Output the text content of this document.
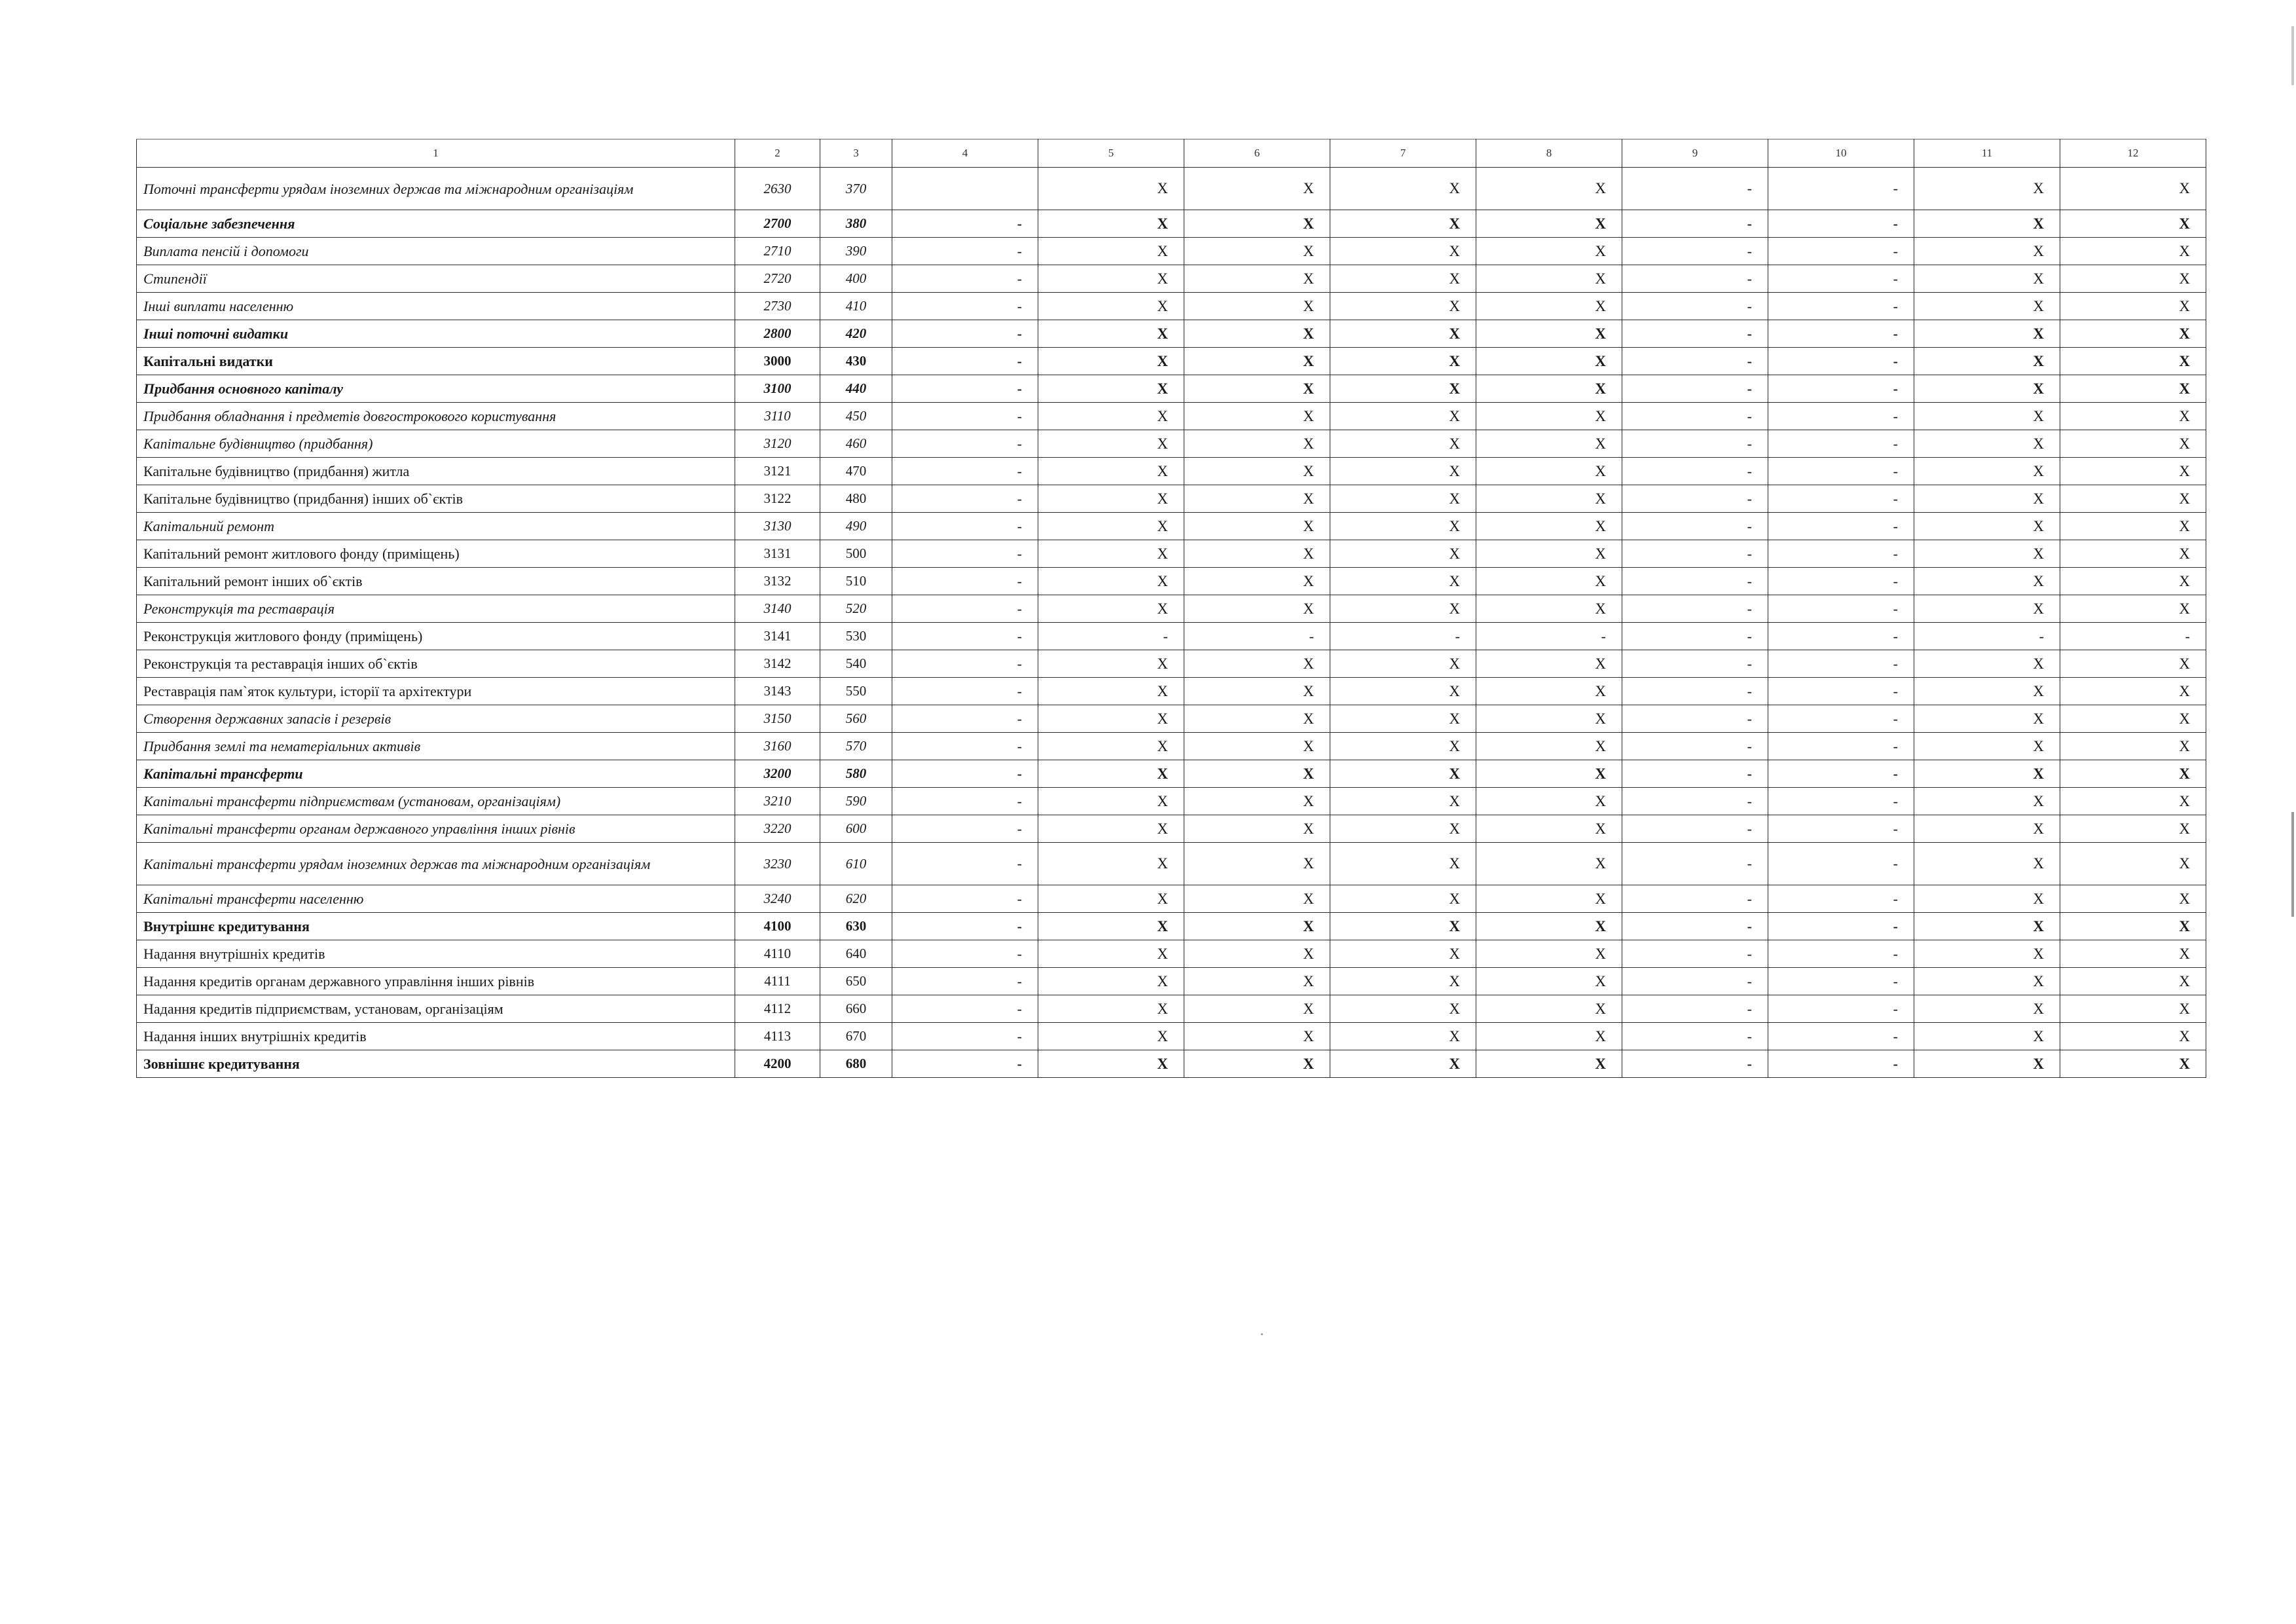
1	2	3	4	5	6	7	8	9	10	11	12
Поточні трансферти урядам іноземних держав та міжнародним організаціям	2630	370		X	X	X	X	-	-	X	X
Соціальне забезпечення	2700	380	-	X	X	X	X	-	-	X	X
Виплата пенсій і допомоги	2710	390	-	X	X	X	X	-	-	X	X
Стипендії	2720	400	-	X	X	X	X	-	-	X	X
Інші виплати населенню	2730	410	-	X	X	X	X	-	-	X	X
Інші поточні видатки	2800	420	-	X	X	X	X	-	-	X	X
Капітальні видатки	3000	430	-	X	X	X	X	-	-	X	X
Придбання основного капіталу	3100	440	-	X	X	X	X	-	-	X	X
Придбання обладнання і предметів довгострокового користування	3110	450	-	X	X	X	X	-	-	X	X
Капітальне будівництво (придбання)	3120	460	-	X	X	X	X	-	-	X	X
Капітальне будівництво (придбання) житла	3121	470	-	X	X	X	X	-	-	X	X
Капітальне будівництво (придбання) інших об`єктів	3122	480	-	X	X	X	X	-	-	X	X
Капітальний ремонт	3130	490	-	X	X	X	X	-	-	X	X
Капітальний ремонт житлового фонду (приміщень)	3131	500	-	X	X	X	X	-	-	X	X
Капітальний ремонт інших об`єктів	3132	510	-	X	X	X	X	-	-	X	X
Реконструкція та реставрація	3140	520	-	X	X	X	X	-	-	X	X
Реконструкція житлового фонду (приміщень)	3141	530	-	-	-	-	-	-	-	-	-
Реконструкція та реставрація інших об`єктів	3142	540	-	X	X	X	X	-	-	X	X
Реставрація пам`яток культури, історії та архітектури	3143	550	-	X	X	X	X	-	-	X	X
Створення державних запасів і резервів	3150	560	-	X	X	X	X	-	-	X	X
Придбання землі та нематеріальних активів	3160	570	-	X	X	X	X	-	-	X	X
Капітальні трансферти	3200	580	-	X	X	X	X	-	-	X	X
Капітальні трансферти підприємствам (установам, організаціям)	3210	590	-	X	X	X	X	-	-	X	X
Капітальні трансферти органам державного управління інших рівнів	3220	600	-	X	X	X	X	-	-	X	X
Капітальні трансферти урядам іноземних держав та міжнародним організаціям	3230	610	-	X	X	X	X	-	-	X	X
Капітальні трансферти населенню	3240	620	-	X	X	X	X	-	-	X	X
Внутрішнє кредитування	4100	630	-	X	X	X	X	-	-	X	X
Надання внутрішніх кредитів	4110	640	-	X	X	X	X	-	-	X	X
Надання кредитів органам державного управління інших рівнів	4111	650	-	X	X	X	X	-	-	X	X
Надання кредитів підприємствам, установам, організаціям	4112	660	-	X	X	X	X	-	-	X	X
Надання інших внутрішніх кредитів	4113	670	-	X	X	X	X	-	-	X	X
Зовнішнє кредитування	4200	680	-	X	X	X	X	-	-	X	X
